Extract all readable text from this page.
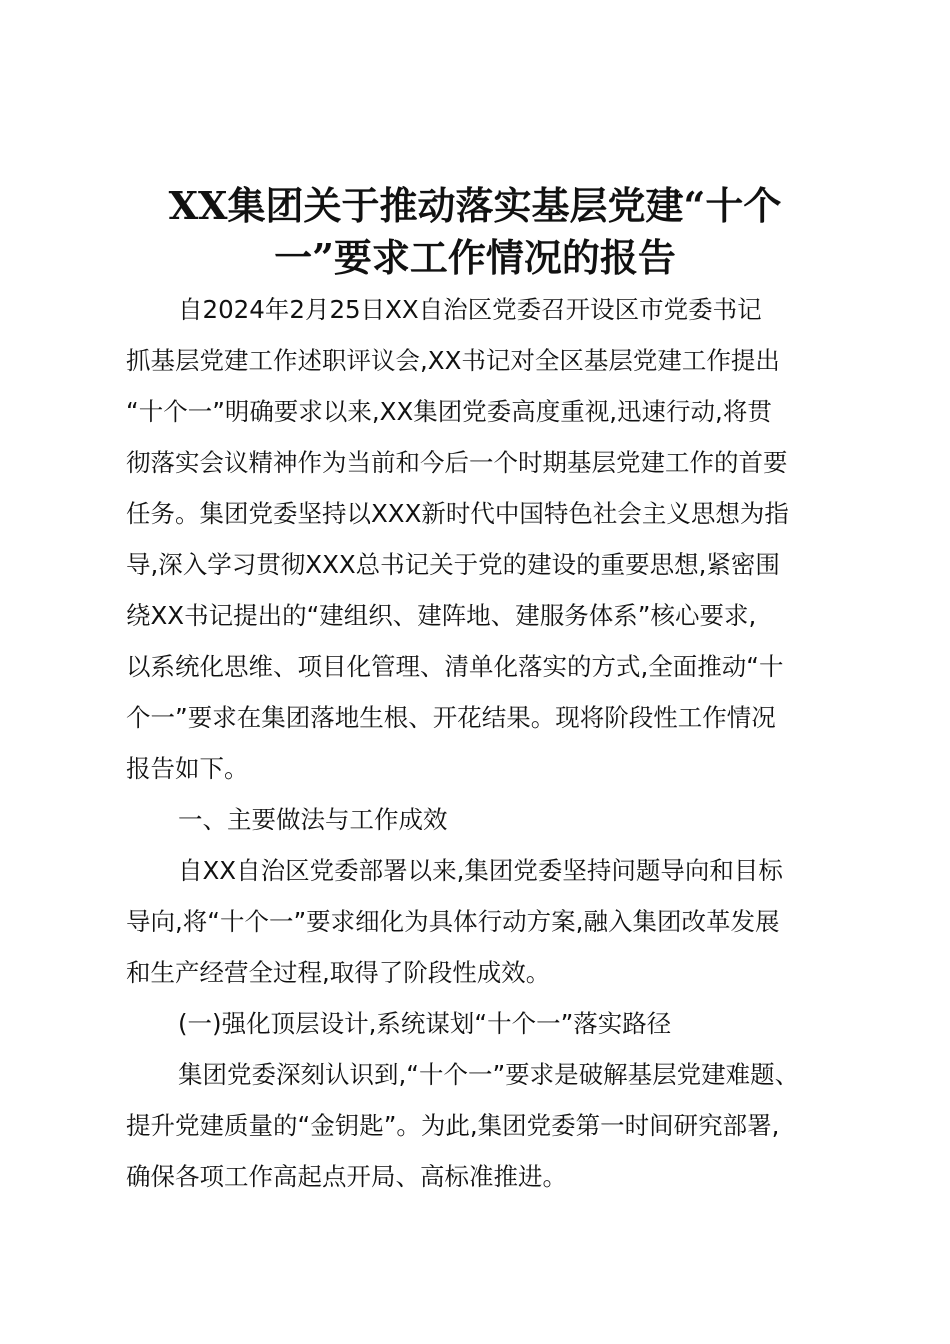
XX集团关于推动落实基层党建“十个
一”要求工作情况的报告
自2024年2月25日XX自治区党委召开设区市党委书记
抓基层党建工作述职评议会,XX书记对全区基层党建工作提出
“十个一”明确要求以来,XX集团党委高度重视,迅速行动,将贯
彻落实会议精神作为当前和今后一个时期基层党建工作的首要
任务。集团党委坚持以XXX新时代中国特色社会主义思想为指
导,深入学习贯彻XXX总书记关于党的建设的重要思想,紧密围
绕XX书记提出的“建组织、建阵地、建服务体系”核心要求,
以系统化思维、项目化管理、清单化落实的方式,全面推动“十
个一”要求在集团落地生根、开花结果。现将阶段性工作情况
报告如下。
一、主要做法与工作成效
自XX自治区党委部署以来,集团党委坚持问题导向和目标
导向,将“十个一”要求细化为具体行动方案,融入集团改革发展
和生产经营全过程,取得了阶段性成效。
(一)强化顶层设计,系统谋划“十个一”落实路径
集团党委深刻认识到,“十个一”要求是破解基层党建难题、
提升党建质量的“金钥匙”。为此,集团党委第一时间研究部署,
确保各项工作高起点开局、高标准推进。
